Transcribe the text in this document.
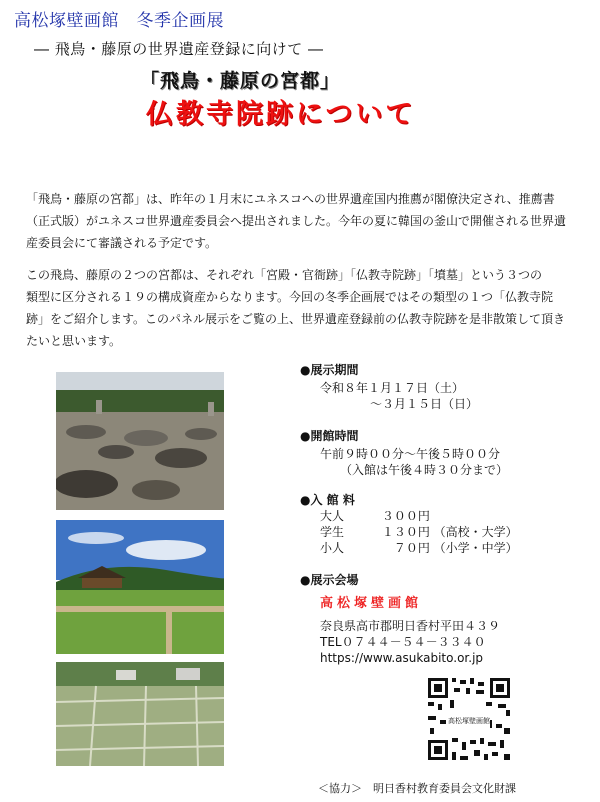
高松塚壁画館　冬季企画展
― 飛鳥・藤原の世界遺産登録に向けて ―
「飛鳥・藤原の宮都」
仏教寺院跡について
「飛鳥・藤原の宮都」は、昨年の１月末にユネスコへの世界遺産国内推薦が閣僚決定され、推薦書
（正式版）がユネスコ世界遺産委員会へ提出されました。今年の夏に韓国の釜山で開催される世界遺
産委員会にて審議される予定です。
この飛鳥、藤原の２つの宮都は、それぞれ「宮殿・官衙跡」「仏教寺院跡」「墳墓」という３つの
類型に区分される１９の構成資産からなります。今回の冬季企画展ではその類型の１つ「仏教寺院
跡」をご紹介します。このパネル展示をご覧の上、世界遺産登録前の仏教寺院跡を是非散策して頂き
たいと思います。
●展示期間
令和８年１月１７日（土）
～３月１５日（日）
●開館時間
午前９時００分～午後５時００分
（入館は午後４時３０分まで）
●入 館 料
大人	３００円
学生	１３０円 （高校・大学）
小人	７０円 （小学・中学）
●展示会場
高松塚壁画館
奈良県高市郡明日香村平田４３９
TEL０７４４－５４－３３４０
https://www.asukabito.or.jp
高松塚壁画館
＜協力＞　明日香村教育委員会文化財課
